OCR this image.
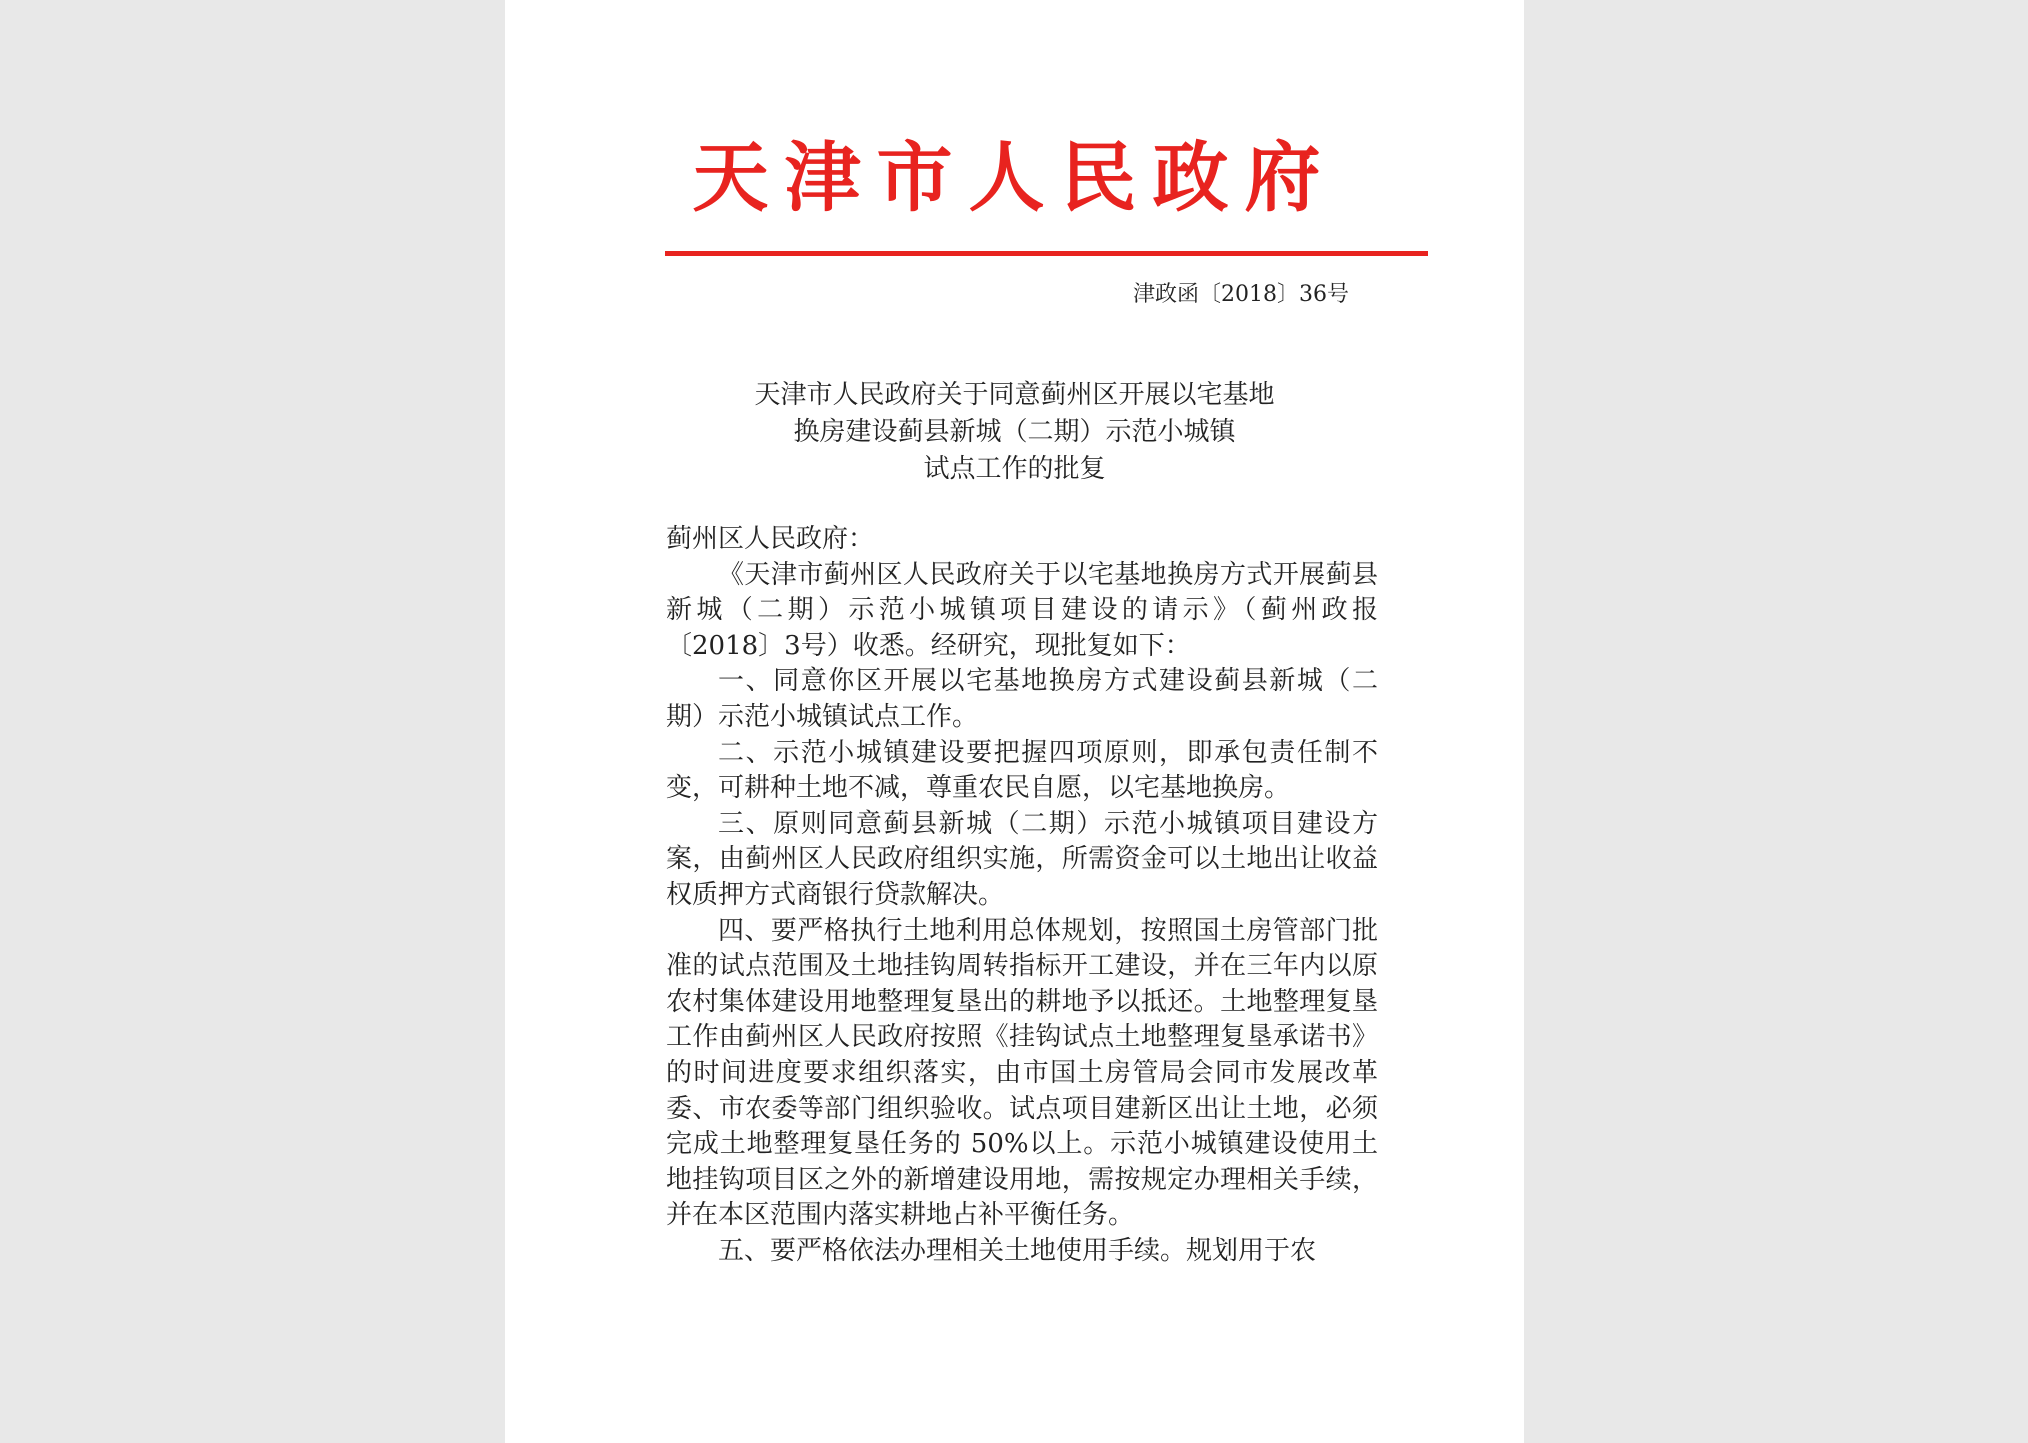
天津市人民政府
津政函〔2018〕36号
天津市人民政府关于同意蓟州区开展以宅基地
换房建设蓟县新城（二期）示范小城镇
试点工作的批复

蓟州区人民政府：

《天津市蓟州区人民政府关于以宅基地换房方式开展蓟县新城（二期）示范小城镇项目建设的请示》（蓟州政报〔2018〕3号）收悉。经研究，现批复如下：

一、同意你区开展以宅基地换房方式建设蓟县新城（二期）示范小城镇试点工作。

二、示范小城镇建设要把握四项原则，即承包责任制不变，可耕种土地不减，尊重农民自愿，以宅基地换房。

三、原则同意蓟县新城（二期）示范小城镇项目建设方案，由蓟州区人民政府组织实施，所需资金可以土地出让收益权质押方式商银行贷款解决。

四、要严格执行土地利用总体规划，按照国土房管部门批准的试点范围及土地挂钩周转指标开工建设，并在三年内以原农村集体建设用地整理复垦出的耕地予以抵还。土地整理复垦工作由蓟州区人民政府按照《挂钩试点土地整理复垦承诺书》的时间进度要求组织落实，由市国土房管局会同市发展改革委、市农委等部门组织验收。试点项目建新区出让土地，必须完成土地整理复垦任务的 50%以上。示范小城镇建设使用土地挂钩项目区之外的新增建设用地，需按规定办理相关手续，并在本区范围内落实耕地占补平衡任务。

五、要严格依法办理相关土地使用手续。规划用于农
